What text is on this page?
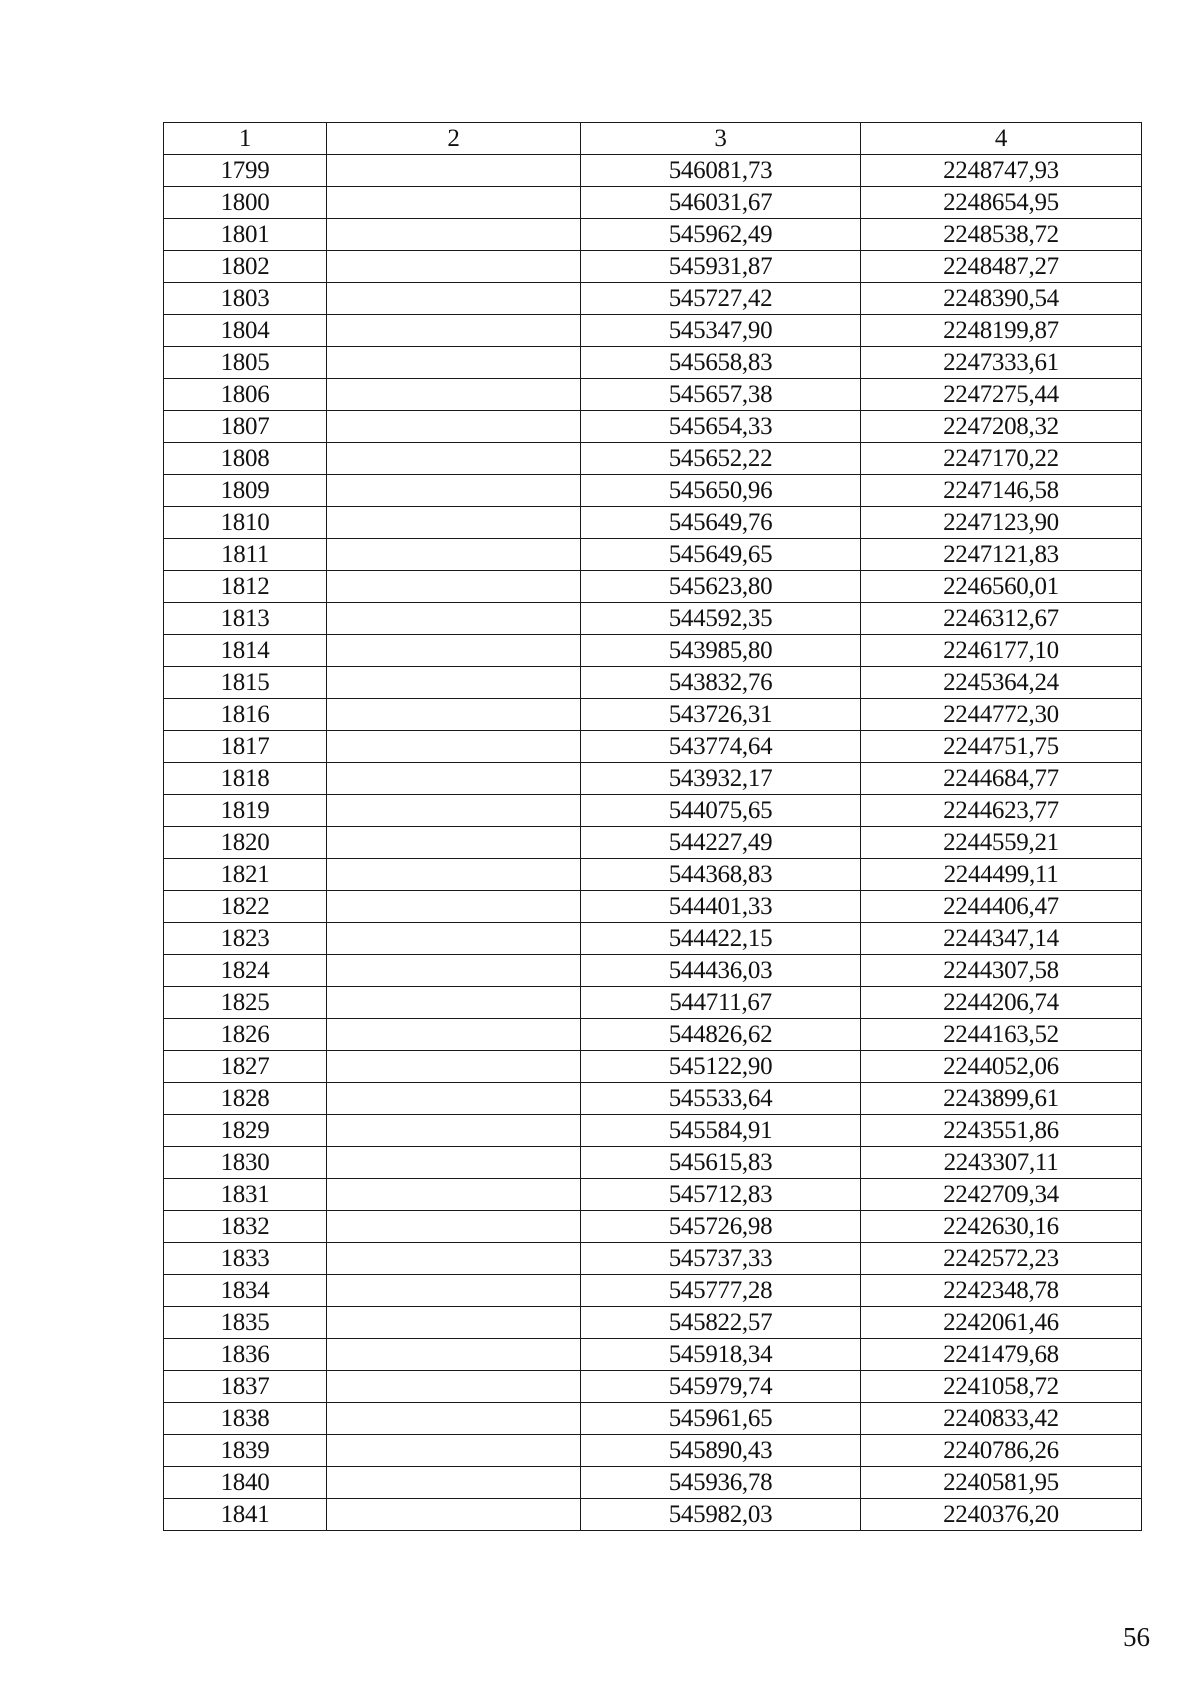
1	2	3	4
1799		546081,73	2248747,93
1800		546031,67	2248654,95
1801		545962,49	2248538,72
1802		545931,87	2248487,27
1803		545727,42	2248390,54
1804		545347,90	2248199,87
1805		545658,83	2247333,61
1806		545657,38	2247275,44
1807		545654,33	2247208,32
1808		545652,22	2247170,22
1809		545650,96	2247146,58
1810		545649,76	2247123,90
1811		545649,65	2247121,83
1812		545623,80	2246560,01
1813		544592,35	2246312,67
1814		543985,80	2246177,10
1815		543832,76	2245364,24
1816		543726,31	2244772,30
1817		543774,64	2244751,75
1818		543932,17	2244684,77
1819		544075,65	2244623,77
1820		544227,49	2244559,21
1821		544368,83	2244499,11
1822		544401,33	2244406,47
1823		544422,15	2244347,14
1824		544436,03	2244307,58
1825		544711,67	2244206,74
1826		544826,62	2244163,52
1827		545122,90	2244052,06
1828		545533,64	2243899,61
1829		545584,91	2243551,86
1830		545615,83	2243307,11
1831		545712,83	2242709,34
1832		545726,98	2242630,16
1833		545737,33	2242572,23
1834		545777,28	2242348,78
1835		545822,57	2242061,46
1836		545918,34	2241479,68
1837		545979,74	2241058,72
1838		545961,65	2240833,42
1839		545890,43	2240786,26
1840		545936,78	2240581,95
1841		545982,03	2240376,20
56
